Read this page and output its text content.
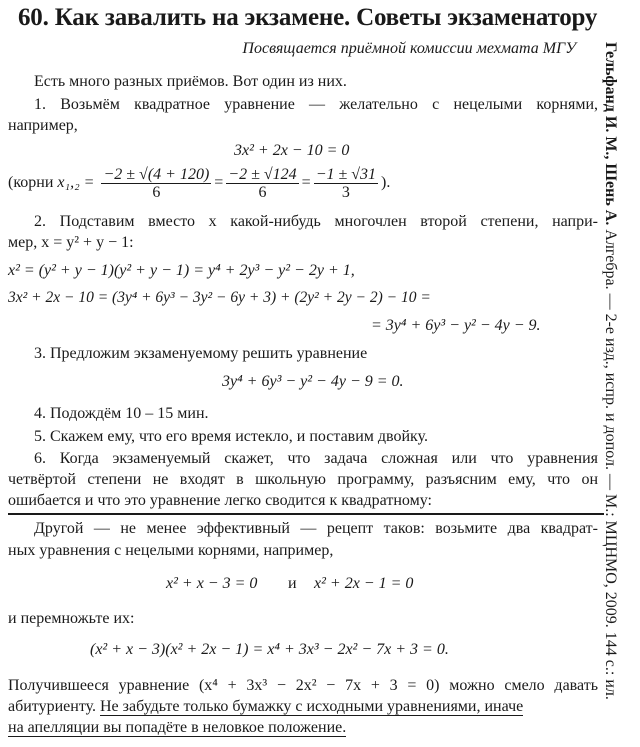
60. Как завалить на экзамене. Советы экзаменатору
Посвящается приёмной комиссии мехмата МГУ
Есть много разных приёмов. Вот один из них.
1. Возьмём квадратное уравнение — желательно с нецелыми корнями,
например,
3x² + 2x − 10 = 0
(корни $x_1,_2 = \frac{-2 \pm √(4 + 120)}{6} = \frac{-2 \pm √124}{6} = \frac{-1 \pm √31}{3}$ ).
2. Подставим вместо x какой-нибудь многочлен второй степени, напри-
мер, x = y² + y − 1:
x² = (y² + y − 1)(y² + y − 1) = y⁴ + 2y³ − y² − 2y + 1,
3x² + 2x − 10 = (3y⁴ + 6y³ − 3y² − 6y + 3) + (2y² + 2y − 2) − 10 =
= 3y⁴ + 6y³ − y² − 4y − 9.
3. Предложим экзаменуемому решить уравнение
3y⁴ + 6y³ − y² − 4y − 9 = 0.
4. Подождём 10 – 15 мин.
5. Скажем ему, что его время истекло, и поставим двойку.
6. Когда экзаменуемый скажет, что задача сложная или что уравнения
четвёртой степени не входят в школьную программу, разъясним ему, что он
ошибается и что это уравнение легко сводится к квадратному:
Другой — не менее эффективный — рецепт таков: возьмите два квадрат-
ных уравнения с нецелыми корнями, например,
x² + x − 3 = 0 и x² + 2x − 1 = 0
и перемножьте их:
(x² + x − 3)(x² + 2x − 1) = x⁴ + 3x³ − 2x² − 7x + 3 = 0.
Получившееся уравнение (x⁴ + 3x³ − 2x² − 7x + 3 = 0) можно смело давать
абитуриенту. Не забудьте только бумажку с исходными уравнениями, иначе
на апелляции вы попадёте в неловкое положение.
Гельфанд И. М., Шень А. Алгебра. — 2-е изд., испр. и допол. — М.: МЦНМО, 2009. 144 с.: ил.
